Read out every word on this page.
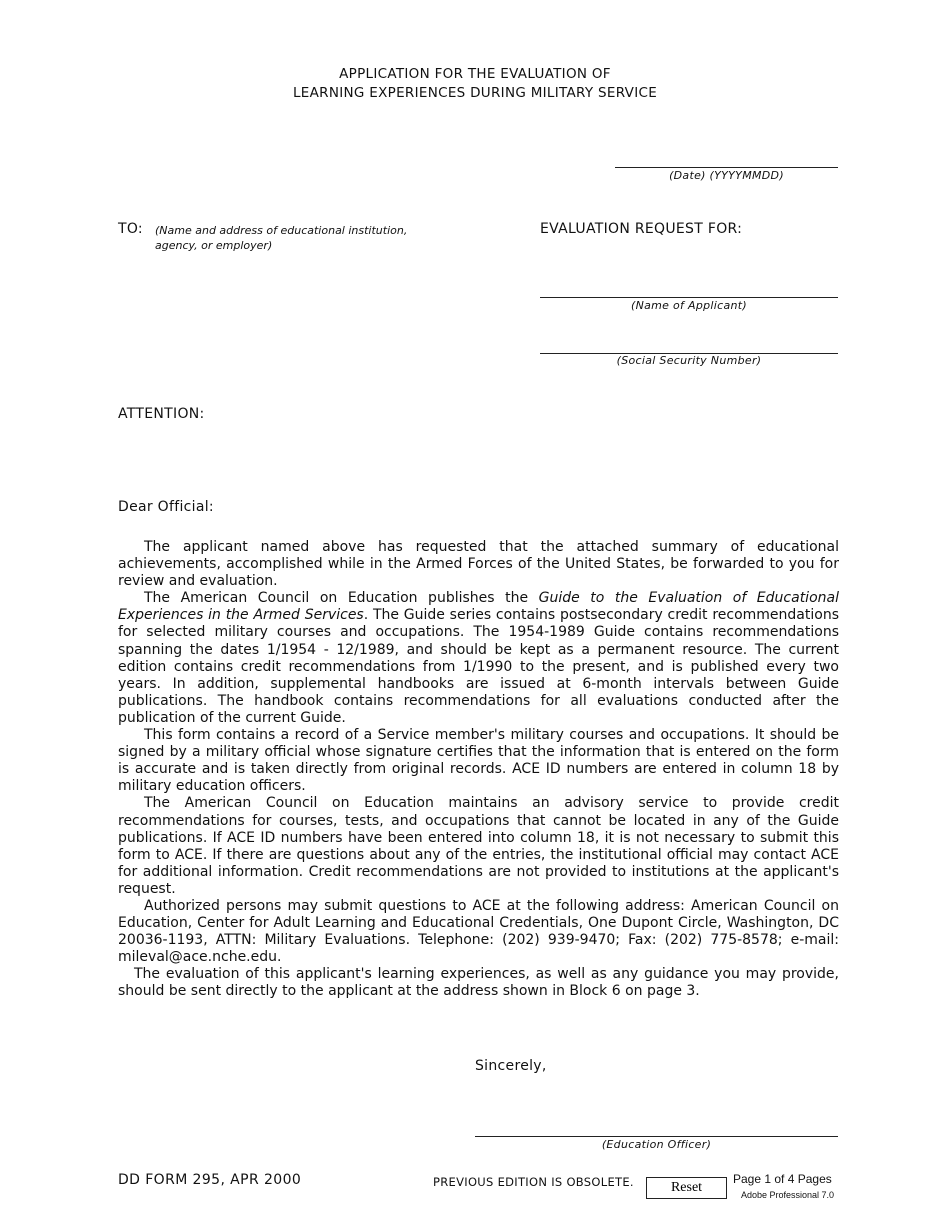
APPLICATION FOR THE EVALUATION OF
LEARNING EXPERIENCES DURING MILITARY SERVICE
(Date) (YYYYMMDD)
TO: (Name and address of educational institution,
agency, or employer)
EVALUATION REQUEST FOR:
(Name of Applicant)
(Social Security Number)
ATTENTION:
Dear Official:

The applicant named above has requested that the attached summary of educational achievements, accomplished while in the Armed Forces of the United States, be forwarded to you for review and evaluation.

The American Council on Education publishes the Guide to the Evaluation of Educational Experiences in the Armed Services. The Guide series contains postsecondary credit recommendations for selected military courses and occupations. The 1954-1989 Guide contains recommendations spanning the dates 1/1954 - 12/1989, and should be kept as a permanent resource. The current edition contains credit recommendations from 1/1990 to the present, and is published every two years. In addition, supplemental handbooks are issued at 6-month intervals between Guide publications. The handbook contains recommendations for all evaluations conducted after the publication of the current Guide.

This form contains a record of a Service member's military courses and occupations. It should be signed by a military official whose signature certifies that the information that is entered on the form is accurate and is taken directly from original records. ACE ID numbers are entered in column 18 by military education officers.

The American Council on Education maintains an advisory service to provide credit recommendations for courses, tests, and occupations that cannot be located in any of the Guide publications. If ACE ID numbers have been entered into column 18, it is not necessary to submit this form to ACE. If there are questions about any of the entries, the institutional official may contact ACE for additional information. Credit recommendations are not provided to institutions at the applicant's request.

Authorized persons may submit questions to ACE at the following address: American Council on Education, Center for Adult Learning and Educational Credentials, One Dupont Circle, Washington, DC 20036-1193, ATTN: Military Evaluations. Telephone: (202) 939-9470; Fax: (202) 775-8578; e-mail: mileval@ace.nche.edu.

The evaluation of this applicant's learning experiences, as well as any guidance you may provide, should be sent directly to the applicant at the address shown in Block 6 on page 3.

Sincerely,
(Education Officer)
DD FORM 295, APR 2000	PREVIOUS EDITION IS OBSOLETE.	Reset
Page 1 of 4 Pages
Adobe Professional 7.0
